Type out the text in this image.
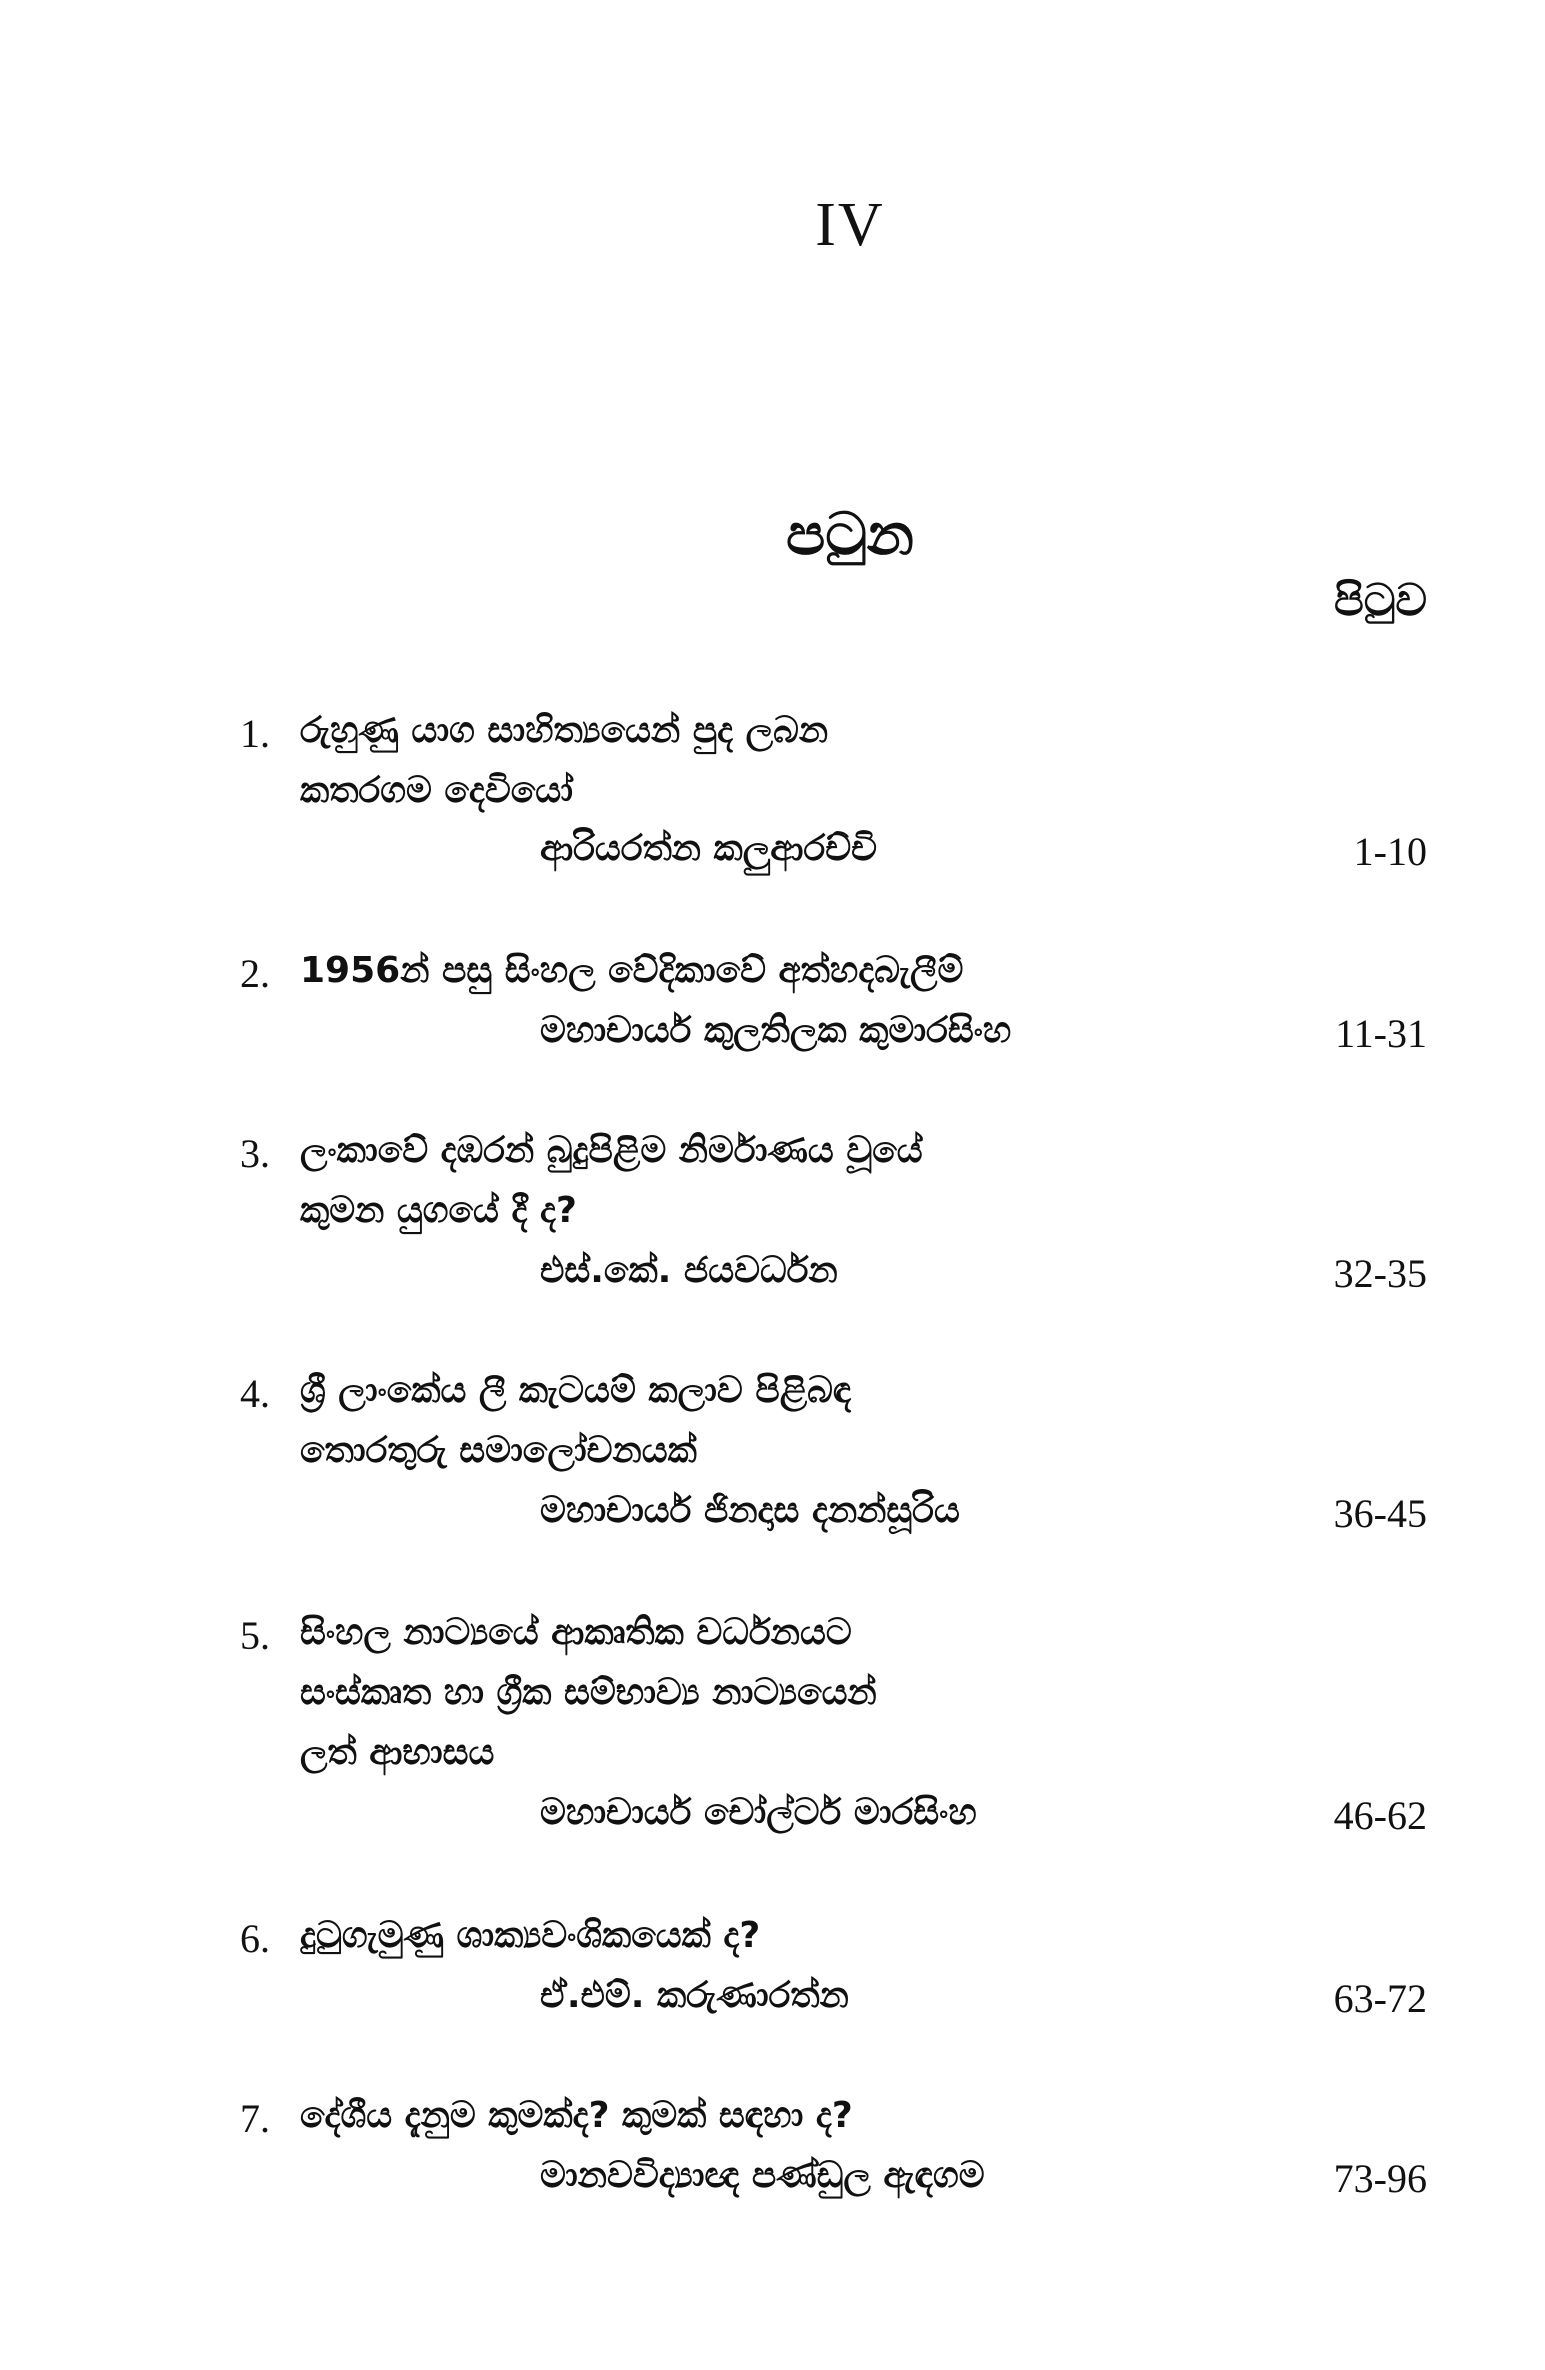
IV
පටුන
පිටුව
1. රුහුණු යාග සාහිත්‍යයෙන් පුද ලබන
කතරගම දෙවියෝ
ආරියරත්න කලුආරච්චි	1-10
2. 1956න් පසු සිංහල වේදිකාවේ අත්හදබැලීම්
මහාචාර්ය කුලතිලක කුමාරසිංහ	11-31
3. ලංකාවේ දඹරන් බුදුපිළිම නිර්මාණය වූයේ
කුමන යුගයේ දී ද?
එස්.කේ. ජයවර්ධන	32-35
4. ශ්‍රී ලාංකේය ලී කැටයම් කලාව පිළිබඳ
තොරතුරු සමාලෝචනයක්
මහාචාර්ය ජිනදාස දනන්සූරිය	36-45
5. සිංහල නාට්‍යයේ ආකෘතික වර්ධනයට
සංස්කෘත හා ග්‍රීක සම්භාව්‍ය නාට්‍යයෙන්
ලත් ආභාසය
මහාචාර්ය චෝල්ටර් මාරසිංහ	46-62
6. දුටුගැමුණු ශාක්‍යවංශිකයෙක් ද?
ඒ.එම්. කරුණාරත්න	63-72
7. දේශීය දැනුම කුමක්ද? කුමක් සඳහා ද?
මානවවිද්‍යාඥ පණ්ඩුල ඇඳගම	73-96
